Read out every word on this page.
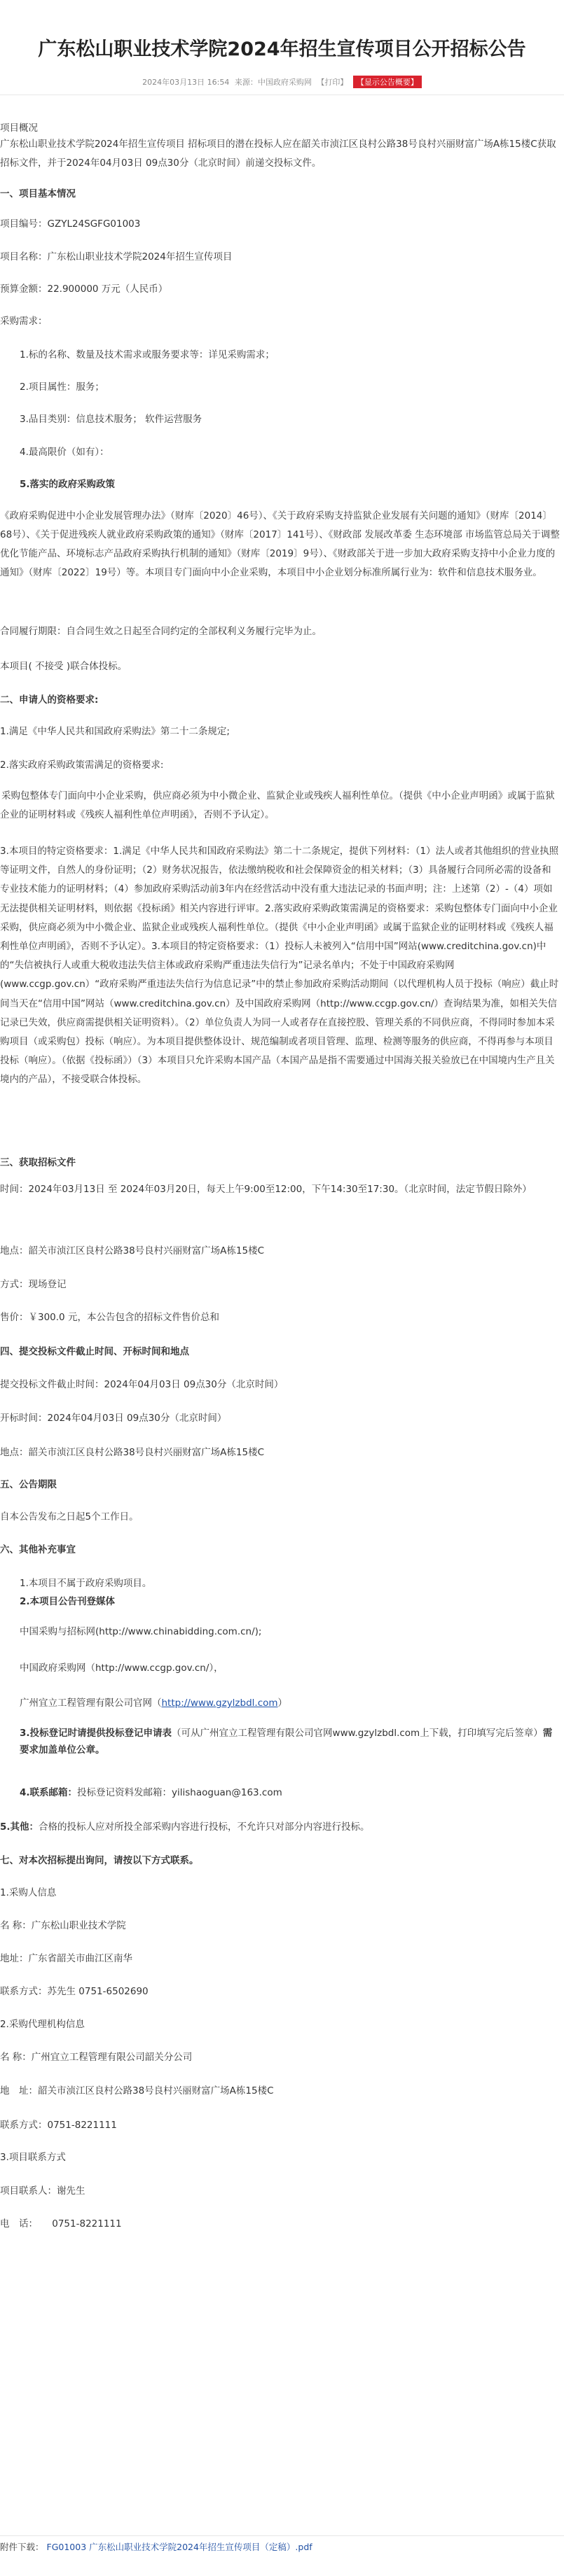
广东松山职业技术学院2024年招生宣传项目公开招标公告
2024年03月13日 16:54 来源：中国政府采购网 【打印】 【显示公告概要】
项目概况
广东松山职业技术学院2024年招生宣传项目 招标项目的潜在投标人应在韶关市浈江区良村公路38号良村兴丽财富广场A栋15楼C获取招标文件，并于2024年04月03日 09点30分（北京时间）前递交投标文件。
一、项目基本情况
项目编号：GZYL24SGFG01003
项目名称：广东松山职业技术学院2024年招生宣传项目
预算金额：22.900000 万元（人民币）
采购需求：
1.标的名称、数量及技术需求或服务要求等：详见采购需求；
2.项目属性：服务；
3.品目类别：信息技术服务； 软件运营服务
4.最高限价（如有）：
5.落实的政府采购政策
《政府采购促进中小企业发展管理办法》（财库〔2020〕46号）、《关于政府采购支持监狱企业发展有关问题的通知》（财库〔2014〕68号）、《关于促进残疾人就业政府采购政策的通知》（财库〔2017〕141号）、《财政部 发展改革委 生态环境部 市场监管总局关于调整优化节能产品、环境标志产品政府采购执行机制的通知》（财库〔2019〕9号）、《财政部关于进一步加大政府采购支持中小企业力度的通知》（财库〔2022〕19号）等。本项目专门面向中小企业采购，本项目中小企业划分标准所属行业为：软件和信息技术服务业。
合同履行期限：自合同生效之日起至合同约定的全部权利义务履行完毕为止。
本项目( 不接受 )联合体投标。
二、申请人的资格要求:
1.满足《中华人民共和国政府采购法》第二十二条规定;
2.落实政府采购政策需满足的资格要求:
采购包整体专门面向中小企业采购，供应商必须为中小微企业、监狱企业或残疾人福利性单位。（提供《中小企业声明函》或属于监狱企业的证明材料或《残疾人福利性单位声明函》，否则不予认定）。
3.本项目的特定资格要求：1.满足《中华人民共和国政府采购法》第二十二条规定，提供下列材料：（1）法人或者其他组织的营业执照等证明文件，自然人的身份证明；（2）财务状况报告，依法缴纳税收和社会保障资金的相关材料；（3）具备履行合同所必需的设备和专业技术能力的证明材料；（4）参加政府采购活动前3年内在经营活动中没有重大违法记录的书面声明；注：上述第（2）-（4）项如无法提供相关证明材料，则依据《投标函》相关内容进行评审。2.落实政府采购政策需满足的资格要求：采购包整体专门面向中小企业采购，供应商必须为中小微企业、监狱企业或残疾人福利性单位。（提供《中小企业声明函》或属于监狱企业的证明材料或《残疾人福利性单位声明函》，否则不予认定）。3.本项目的特定资格要求：（1）投标人未被列入“信用中国”网站(www.creditchina.gov.cn)中的“失信被执行人或重大税收违法失信主体或政府采购严重违法失信行为”记录名单内；不处于中国政府采购网(www.ccgp.gov.cn）“政府采购严重违法失信行为信息记录”中的禁止参加政府采购活动期间（以代理机构人员于投标（响应）截止时间当天在“信用中国”网站（www.creditchina.gov.cn）及中国政府采购网（http://www.ccgp.gov.cn/）查询结果为准，如相关失信记录已失效，供应商需提供相关证明资料）。（2）单位负责人为同一人或者存在直接控股、管理关系的不同供应商，不得同时参加本采购项目（或采购包）投标（响应）。为本项目提供整体设计、规范编制或者项目管理、监理、检测等服务的供应商，不得再参与本项目投标（响应）。（依据《投标函》）（3）本项目只允许采购本国产品（本国产品是指不需要通过中国海关报关验放已在中国境内生产且关境内的产品），不接受联合体投标。
三、获取招标文件
时间：2024年03月13日 至 2024年03月20日，每天上午9:00至12:00，下午14:30至17:30。（北京时间，法定节假日除外）
地点：韶关市浈江区良村公路38号良村兴丽财富广场A栋15楼C
方式：现场登记
售价：￥300.0 元，本公告包含的招标文件售价总和
四、提交投标文件截止时间、开标时间和地点
提交投标文件截止时间：2024年04月03日 09点30分（北京时间）
开标时间：2024年04月03日 09点30分（北京时间）
地点：韶关市浈江区良村公路38号良村兴丽财富广场A栋15楼C
五、公告期限
自本公告发布之日起5个工作日。
六、其他补充事宜
1.本项目不属于政府采购项目。
2.本项目公告刊登媒体
中国采购与招标网(http://www.chinabidding.com.cn/);
中国政府采购网（http://www.ccgp.gov.cn/），
广州宜立工程管理有限公司官网（http://www.gzylzbdl.com）
3.投标登记时请提供投标登记申请表（可从广州宜立工程管理有限公司官网www.gzylzbdl.com上下载，打印填写完后签章）需要求加盖单位公章。
4.联系邮箱：投标登记资料发邮箱：yilishaoguan@163.com
5.其他：合格的投标人应对所投全部采购内容进行投标，不允许只对部分内容进行投标。
七、对本次招标提出询问，请按以下方式联系。
1.采购人信息
名 称：广东松山职业技术学院
地址：广东省韶关市曲江区南华
联系方式：苏先生 0751-6502690
2.采购代理机构信息
名 称：广州宜立工程管理有限公司韶关分公司
地　址：韶关市浈江区良村公路38号良村兴丽财富广场A栋15楼C
联系方式：0751-8221111
3.项目联系方式
项目联系人：谢先生
电　话：　　0751-8221111
附件下载： FG01003 广东松山职业技术学院2024年招生宣传项目（定稿）.pdf
